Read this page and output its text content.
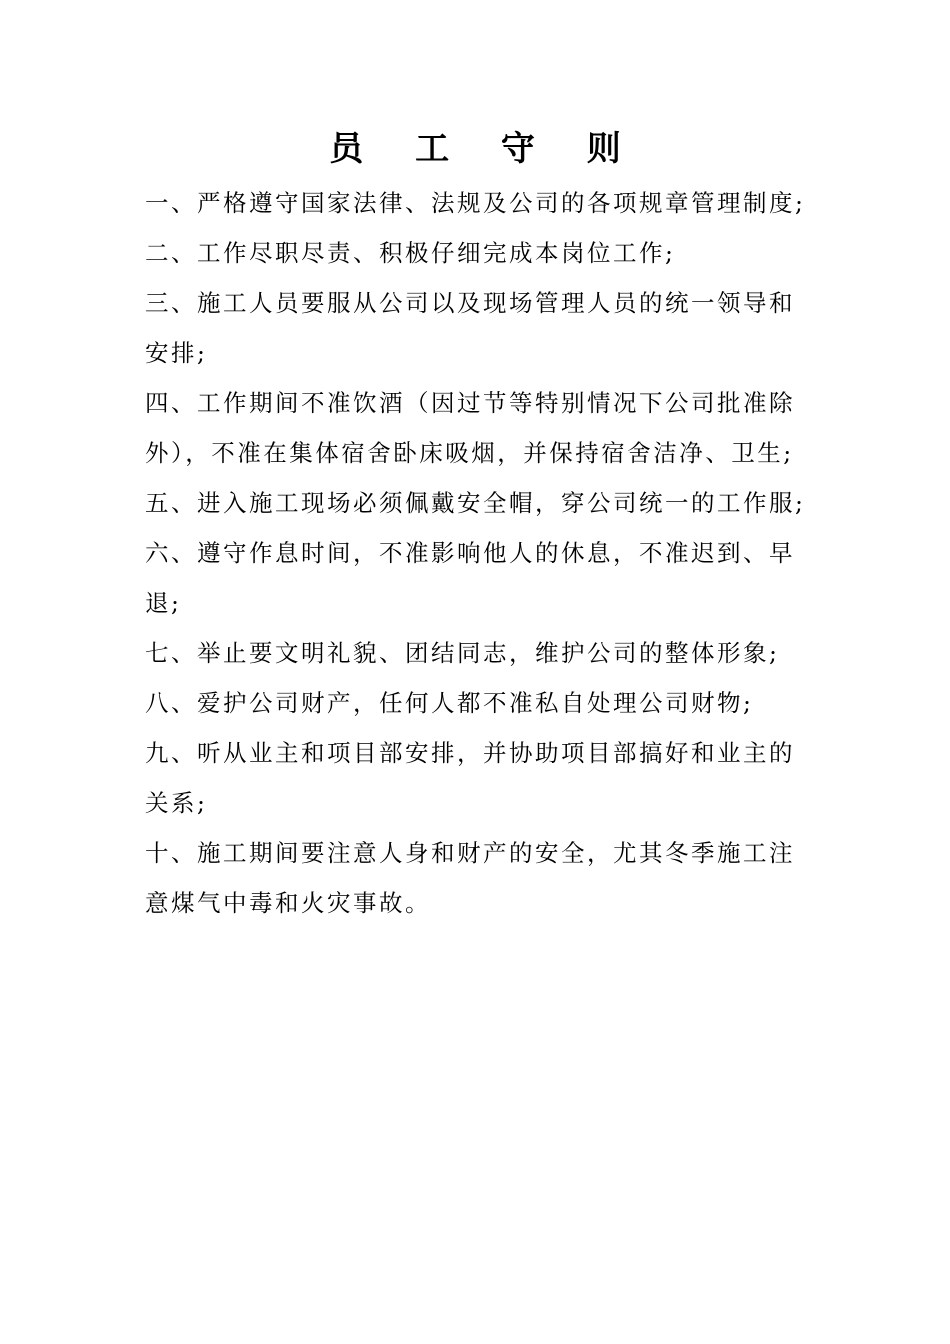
员 工 守 则
一、严格遵守国家法律、法规及公司的各项规章管理制度;
二、工作尽职尽责、积极仔细完成本岗位工作;
三、施工人员要服从公司以及现场管理人员的统一领导和安排;
四、工作期间不准饮酒（因过节等特别情况下公司批准除外），不准在集体宿舍卧床吸烟，并保持宿舍洁净、卫生;
五、进入施工现场必须佩戴安全帽，穿公司统一的工作服;
六、遵守作息时间，不准影响他人的休息，不准迟到、早退;
七、举止要文明礼貌、团结同志，维护公司的整体形象;
八、爱护公司财产，任何人都不准私自处理公司财物;
九、听从业主和项目部安排，并协助项目部搞好和业主的关系;
十、施工期间要注意人身和财产的安全，尤其冬季施工注意煤气中毒和火灾事故。
